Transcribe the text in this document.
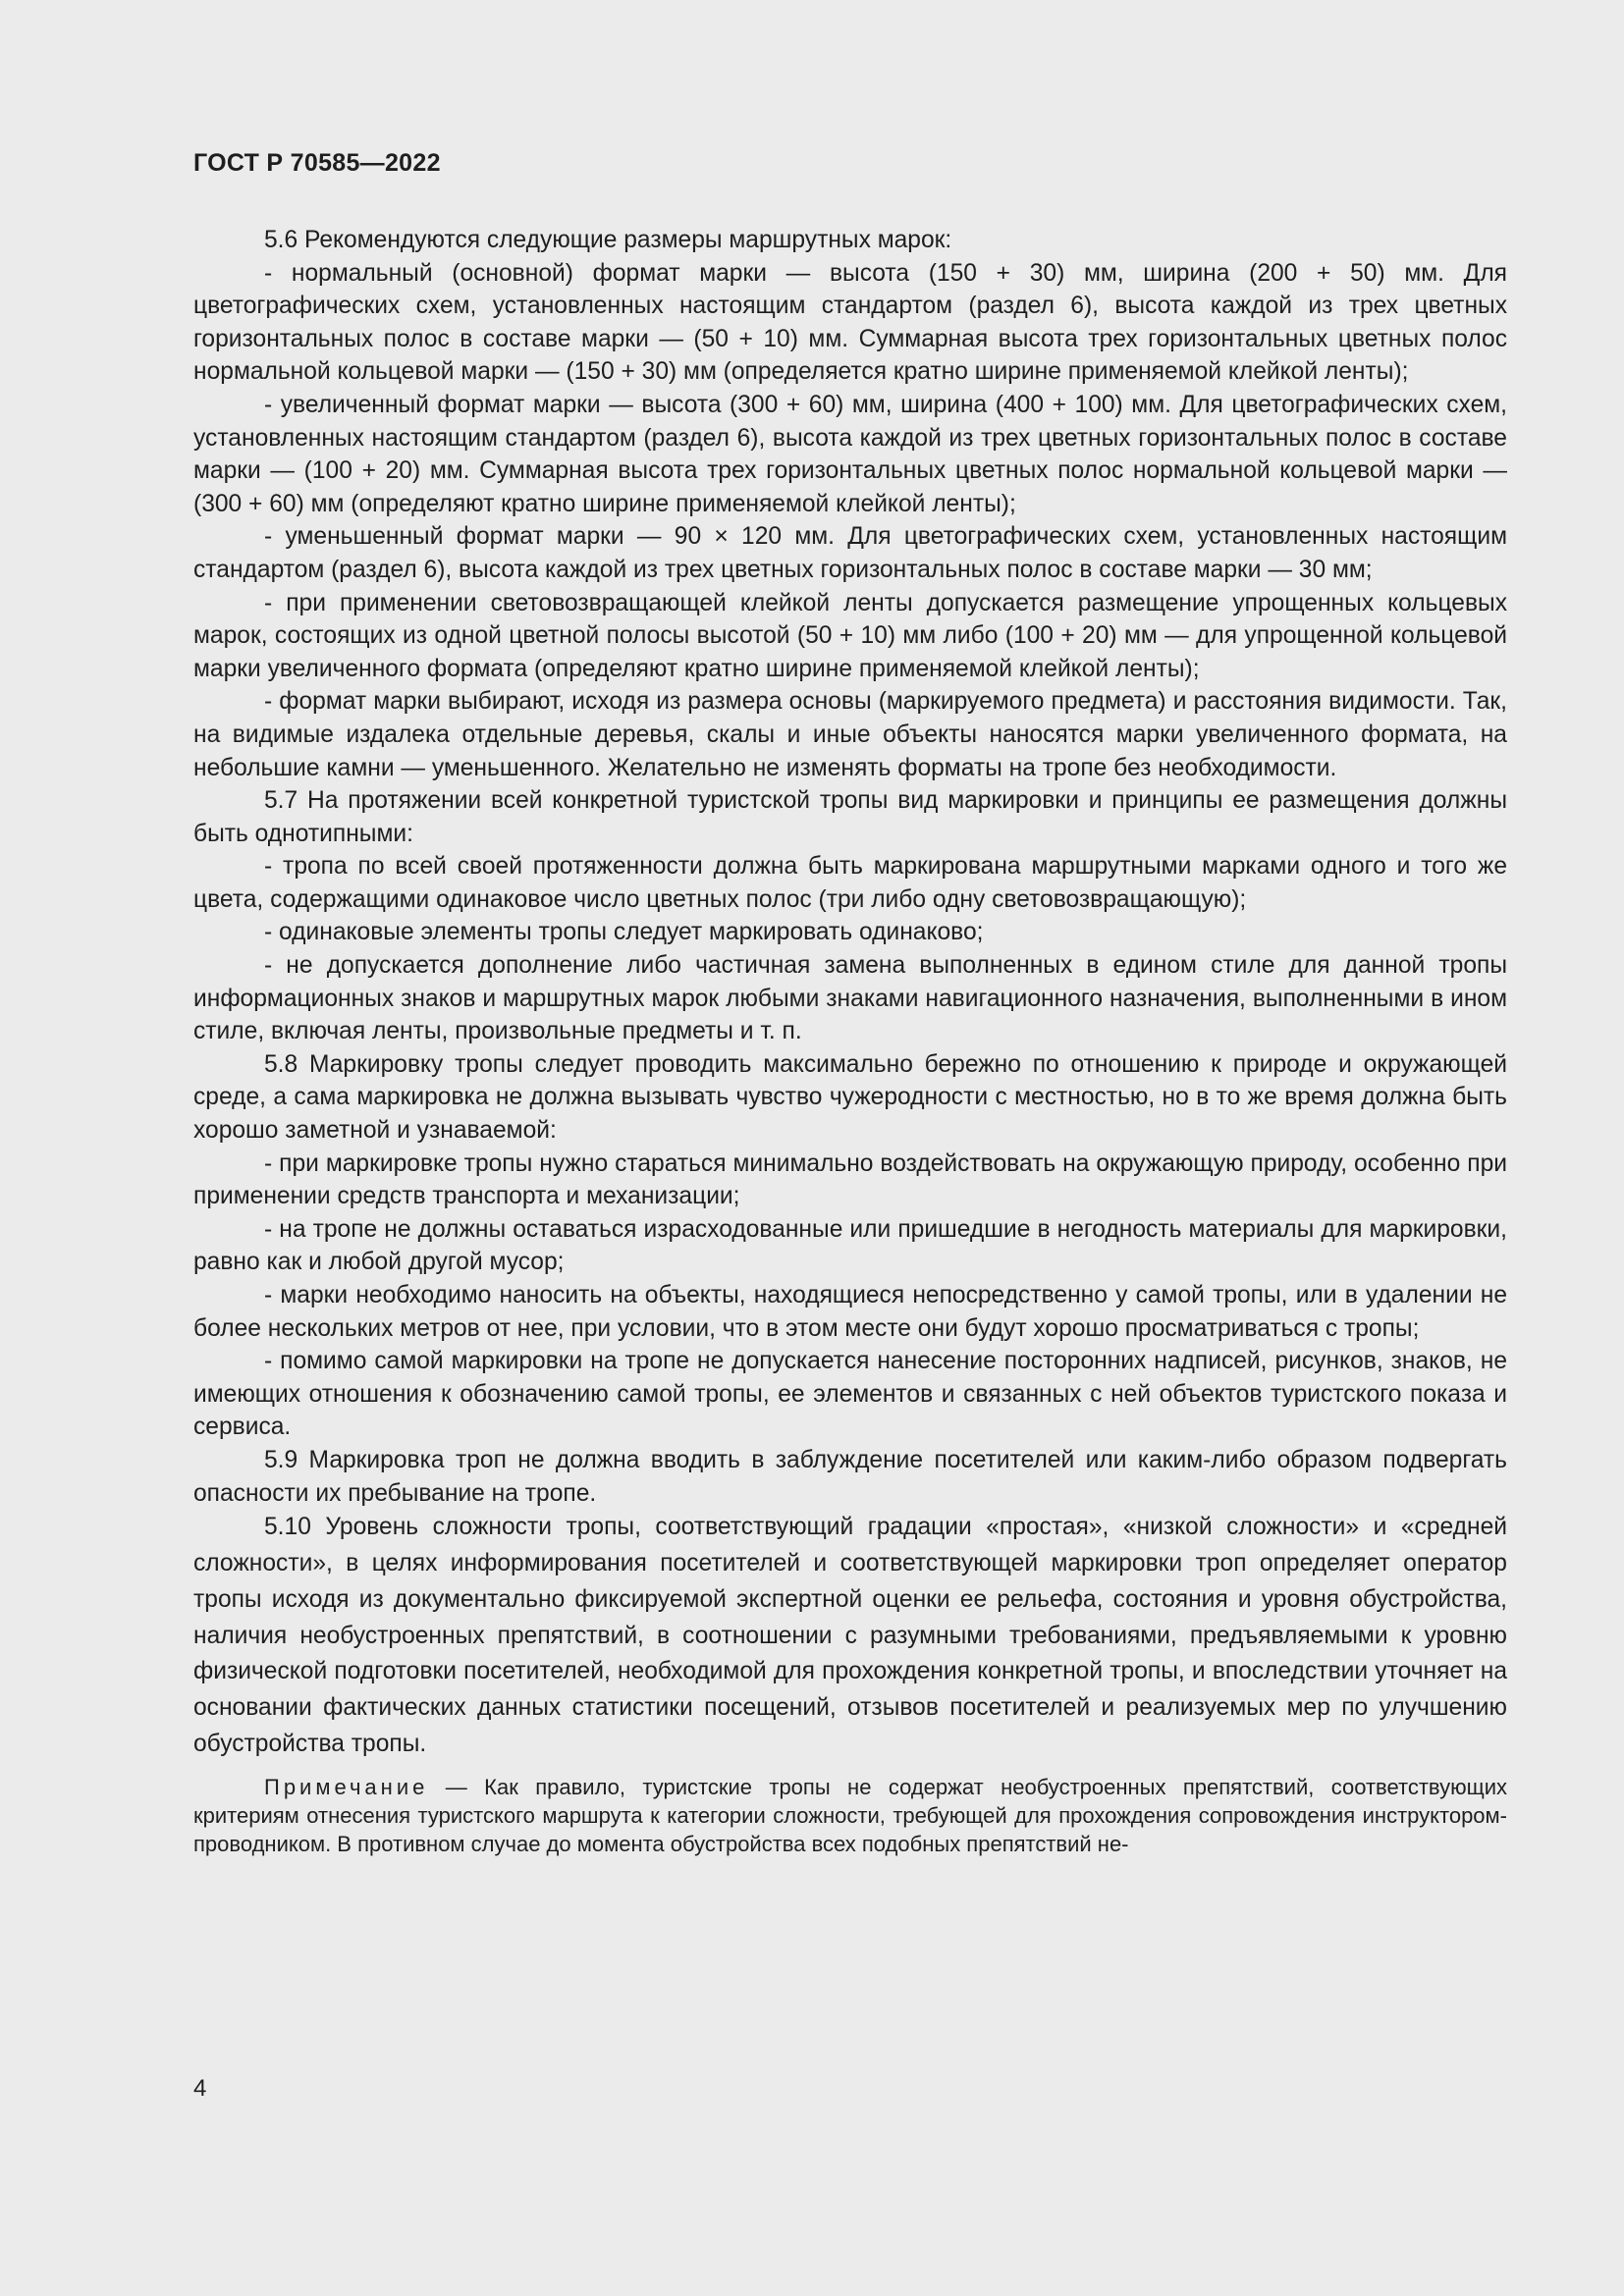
ГОСТ Р 70585—2022

5.6 Рекомендуются следующие размеры маршрутных марок:

- нормальный (основной) формат марки — высота (150 + 30) мм, ширина (200 + 50) мм. Для цветографических схем, установленных настоящим стандартом (раздел 6), высота каждой из трех цветных горизонтальных полос в составе марки — (50 + 10) мм. Суммарная высота трех горизонтальных цветных полос нормальной кольцевой марки — (150 + 30) мм (определяется кратно ширине применяемой клейкой ленты);

- увеличенный формат марки — высота (300 + 60) мм, ширина (400 + 100) мм. Для цветографических схем, установленных настоящим стандартом (раздел 6), высота каждой из трех цветных горизонтальных полос в составе марки — (100 + 20) мм. Суммарная высота трех горизонтальных цветных полос нормальной кольцевой марки — (300 + 60) мм (определяют кратно ширине применяемой клейкой ленты);

- уменьшенный формат марки — 90 × 120 мм. Для цветографических схем, установленных настоящим стандартом (раздел 6), высота каждой из трех цветных горизонтальных полос в составе марки — 30 мм;

- при применении световозвращающей клейкой ленты допускается размещение упрощенных кольцевых марок, состоящих из одной цветной полосы высотой (50 + 10) мм либо (100 + 20) мм — для упрощенной кольцевой марки увеличенного формата (определяют кратно ширине применяемой клейкой ленты);

- формат марки выбирают, исходя из размера основы (маркируемого предмета) и расстояния видимости. Так, на видимые издалека отдельные деревья, скалы и иные объекты наносятся марки увеличенного формата, на небольшие камни — уменьшенного. Желательно не изменять форматы на тропе без необходимости.

5.7 На протяжении всей конкретной туристской тропы вид маркировки и принципы ее размещения должны быть однотипными:

- тропа по всей своей протяженности должна быть маркирована маршрутными марками одного и того же цвета, содержащими одинаковое число цветных полос (три либо одну световозвращающую);

- одинаковые элементы тропы следует маркировать одинаково;

- не допускается дополнение либо частичная замена выполненных в едином стиле для данной тропы информационных знаков и маршрутных марок любыми знаками навигационного назначения, выполненными в ином стиле, включая ленты, произвольные предметы и т. п.

5.8 Маркировку тропы следует проводить максимально бережно по отношению к природе и окружающей среде, а сама маркировка не должна вызывать чувство чужеродности с местностью, но в то же время должна быть хорошо заметной и узнаваемой:

- при маркировке тропы нужно стараться минимально воздействовать на окружающую природу, особенно при применении средств транспорта и механизации;

- на тропе не должны оставаться израсходованные или пришедшие в негодность материалы для маркировки, равно как и любой другой мусор;

- марки необходимо наносить на объекты, находящиеся непосредственно у самой тропы, или в удалении не более нескольких метров от нее, при условии, что в этом месте они будут хорошо просматриваться с тропы;

- помимо самой маркировки на тропе не допускается нанесение посторонних надписей, рисунков, знаков, не имеющих отношения к обозначению самой тропы, ее элементов и связанных с ней объектов туристского показа и сервиса.

5.9 Маркировка троп не должна вводить в заблуждение посетителей или каким-либо образом подвергать опасности их пребывание на тропе.

5.10 Уровень сложности тропы, соответствующий градации «простая», «низкой сложности» и «средней сложности», в целях информирования посетителей и соответствующей маркировки троп определяет оператор тропы исходя из документально фиксируемой экспертной оценки ее рельефа, состояния и уровня обустройства, наличия необустроенных препятствий, в соотношении с разумными требованиями, предъявляемыми к уровню физической подготовки посетителей, необходимой для прохождения конкретной тропы, и впоследствии уточняет на основании фактических данных статистики посещений, отзывов посетителей и реализуемых мер по улучшению обустройства тропы.

Примечание — Как правило, туристские тропы не содержат необустроенных препятствий, соответствующих критериям отнесения туристского маршрута к категории сложности, требующей для прохождения сопровождения инструктором-проводником. В противном случае до момента обустройства всех подобных препятствий не-

4
